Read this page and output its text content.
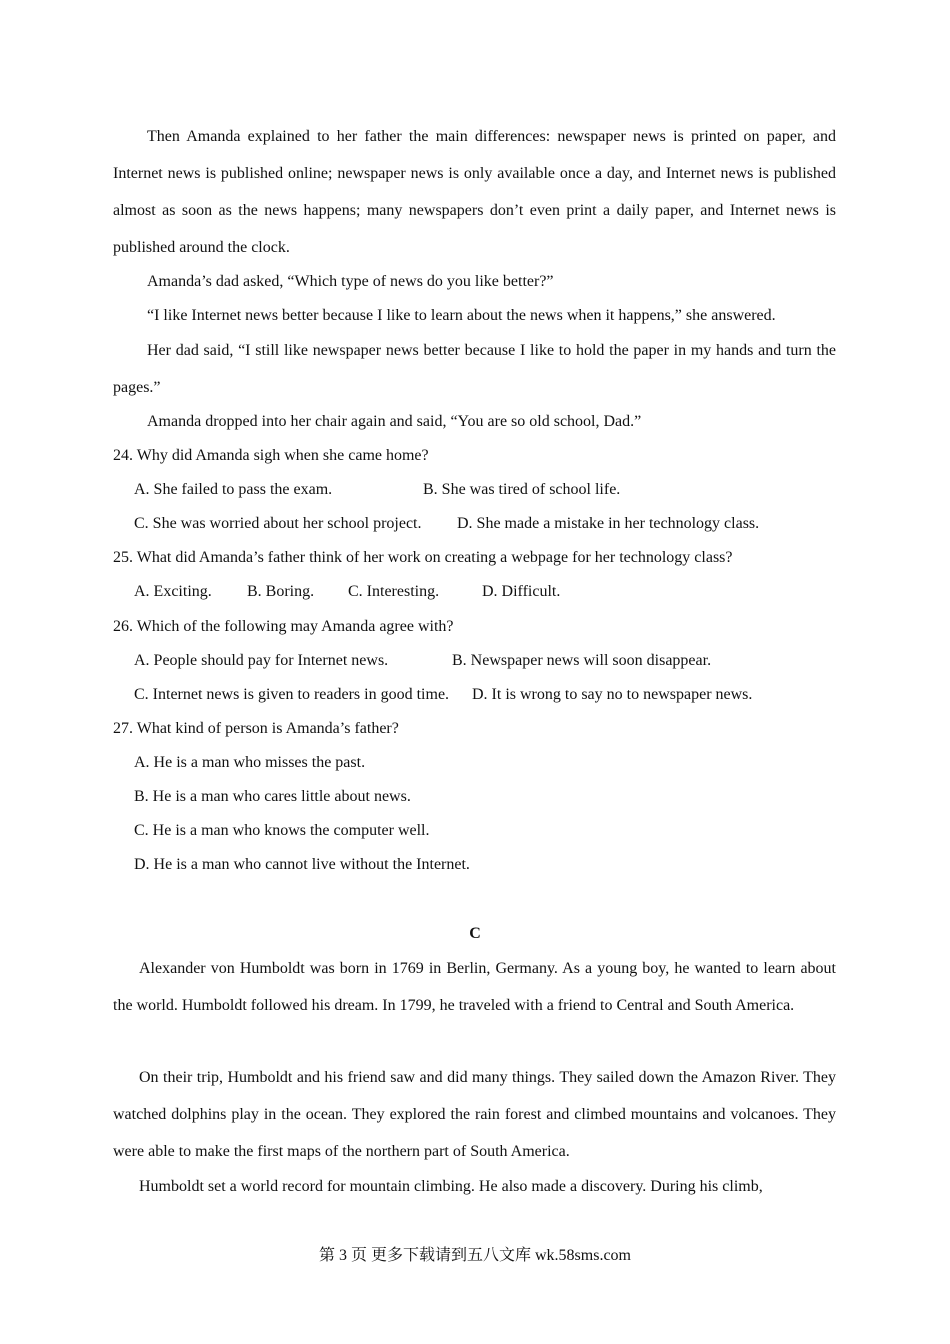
Then Amanda explained to her father the main differences: newspaper news is printed on paper, and Internet news is published online; newspaper news is only available once a day, and Internet news is published almost as soon as the news happens; many newspapers don’t even print a daily paper, and Internet news is published around the clock.

Amanda’s dad asked, “Which type of news do you like better?”

“I like Internet news better because I like to learn about the news when it happens,” she answered.

Her dad said, “I still like newspaper news better because I like to hold the paper in my hands and turn the pages.”

Amanda dropped into her chair again and said, “You are so old school, Dad.”

24. Why did Amanda sigh when she came home?

A. She failed to pass the exam.	B. She was tired of school life.

C. She was worried about her school project. D. She made a mistake in her technology class.

25. What did Amanda’s father think of her work on creating a webpage for her technology class?

A. Exciting. B. Boring. C. Interesting.	D. Difficult.

26. Which of the following may Amanda agree with?

A. People should pay for Internet news.	B. Newspaper news will soon disappear.

C. Internet news is given to readers in good time. D. It is wrong to say no to newspaper news.

27. What kind of person is Amanda’s father?

A. He is a man who misses the past.

B. He is a man who cares little about news.

C. He is a man who knows the computer well.

D. He is a man who cannot live without the Internet.

C

Alexander von Humboldt was born in 1769 in Berlin, Germany. As a young boy, he wanted to learn about the world. Humboldt followed his dream. In 1799, he traveled with a friend to Central and South America.

On their trip, Humboldt and his friend saw and did many things. They sailed down the Amazon River. They watched dolphins play in the ocean. They explored the rain forest and climbed mountains and volcanoes. They were able to make the first maps of the northern part of South America.

Humboldt set a world record for mountain climbing. He also made a discovery. During his climb,

第 3 页 更多下载请到五八文库 wk.58sms.com
